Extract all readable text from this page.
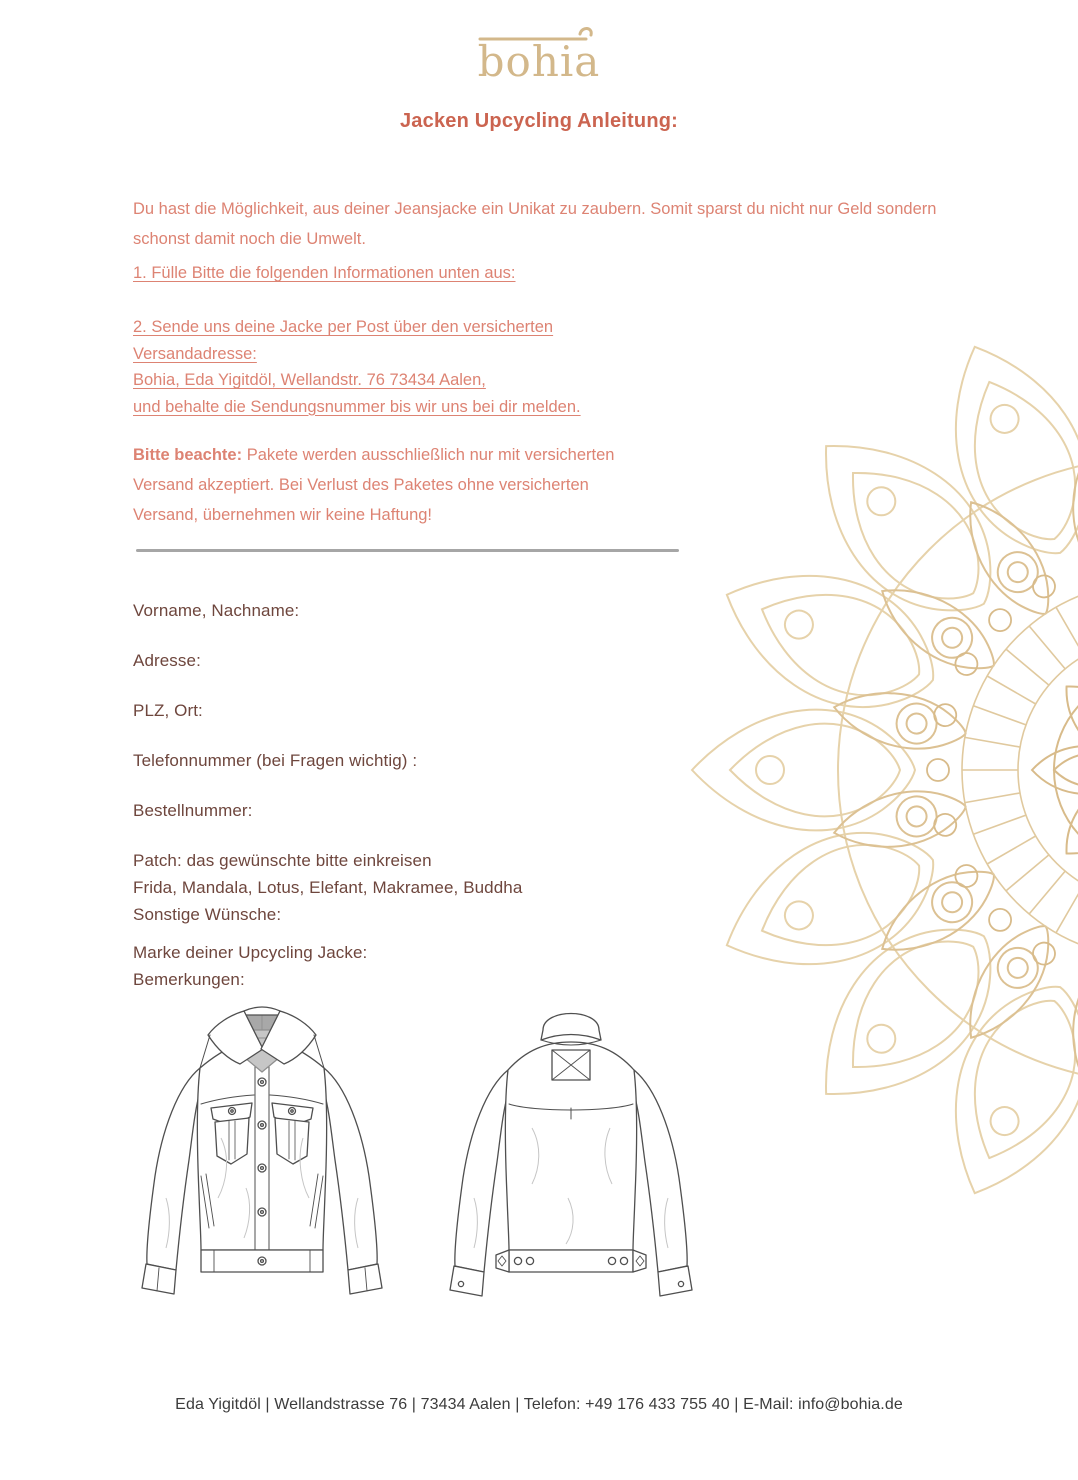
bohia
Jacken Upcycling Anleitung:
Du hast die Möglichkeit, aus deiner Jeansjacke ein Unikat zu zaubern. Somit sparst du nicht nur Geld sondern schonst damit noch die Umwelt.
1. Fülle Bitte die folgenden Informationen unten aus:
2. Sende uns deine Jacke per Post über den versicherten
Versandadresse:
Bohia, Eda Yigitdöl, Wellandstr. 76 73434 Aalen,
und behalte die Sendungsnummer bis wir uns bei dir melden.
Bitte beachte: Pakete werden ausschließlich nur mit versicherten Versand akzeptiert. Bei Verlust des Paketes ohne versicherten Versand, übernehmen wir keine Haftung!
Vorname, Nachname:
Adresse:
PLZ, Ort:
Telefonnummer (bei Fragen wichtig) :
Bestellnummer:
Patch: das gewünschte bitte einkreisen
Frida, Mandala, Lotus, Elefant, Makramee, Buddha
Sonstige Wünsche:
Marke deiner Upcycling Jacke:
Bemerkungen:
Eda Yigitdöl | Wellandstrasse 76 | 73434 Aalen | Telefon: +49 176 433 755 40 | E-Mail: info@bohia.de
